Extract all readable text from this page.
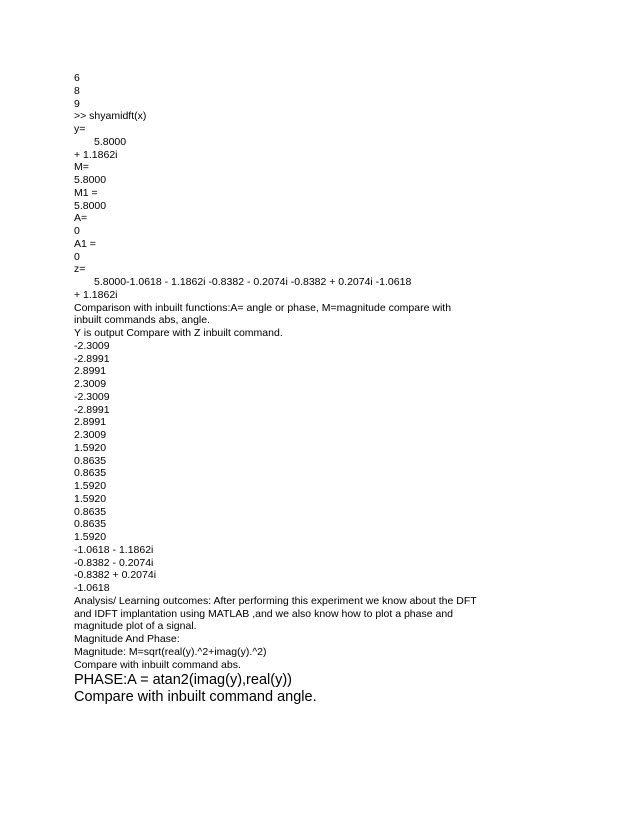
6
8
9
>> shyamidft(x)
y=
5.8000
+ 1.1862i
M=
5.8000
M1 =
5.8000
A=
0
A1 =
0
z=
5.8000-1.0618 - 1.1862i -0.8382 - 0.2074i -0.8382 + 0.2074i -1.0618
+ 1.1862i
Comparison with inbuilt functions:A= angle or phase, M=magnitude compare with
inbuilt commands abs, angle.
Y is output Compare with Z inbuilt command.
-2.3009
-2.8991
2.8991
2.3009
-2.3009
-2.8991
2.8991
2.3009
1.5920
0.8635
0.8635
1.5920
1.5920
0.8635
0.8635
1.5920
-1.0618 - 1.1862i
-0.8382 - 0.2074i
-0.8382 + 0.2074i
-1.0618
Analysis/ Learning outcomes: After performing this experiment we know about the DFT
and IDFT implantation using MATLAB ,and we also know how to plot a phase and
magnitude plot of a signal.
Magnitude And Phase:
Magnitude: M=sqrt(real(y).^2+imag(y).^2)
Compare with inbuilt command abs.
PHASE:A = atan2(imag(y),real(y))
Compare with inbuilt command angle.
